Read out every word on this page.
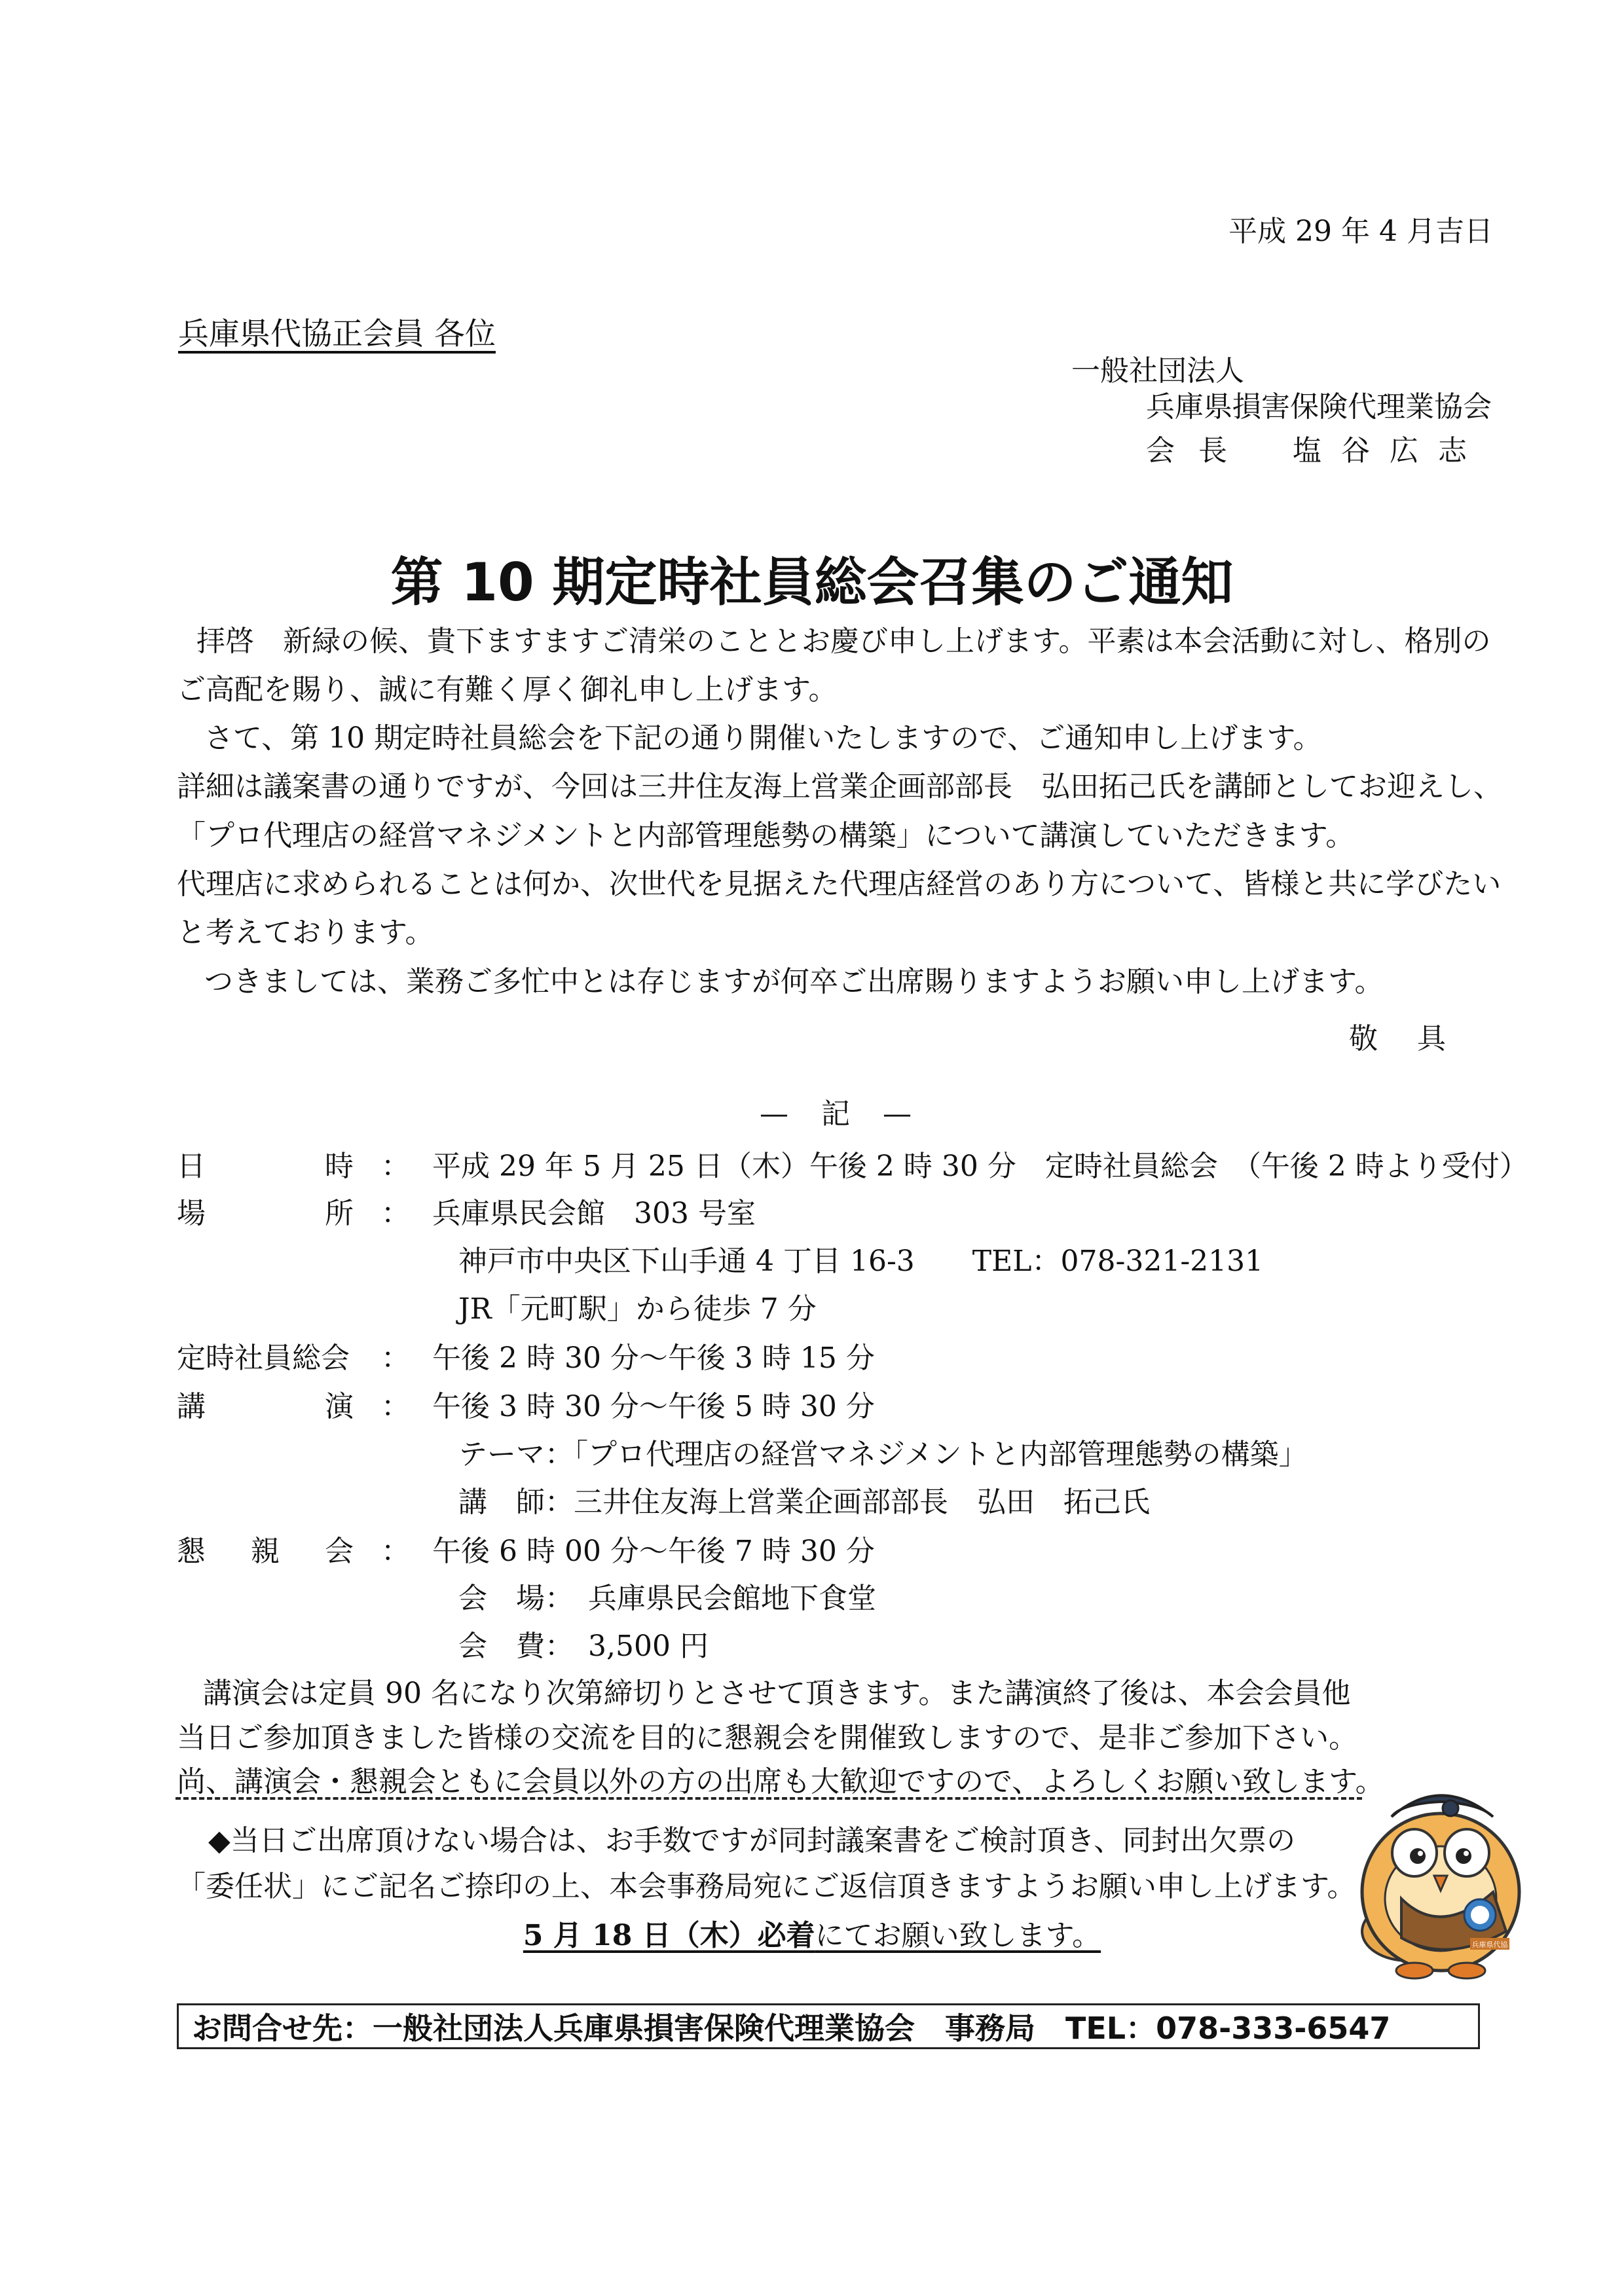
平成 29 年 4 月吉日
兵庫県代協正会員 各位
一般社団法人
兵庫県損害保険代理業協会
会長 塩谷広志
第 10 期定時社員総会召集のご通知
拝啓　新緑の候、貴下ますますご清栄のこととお慶び申し上げます。平素は本会活動に対し、格別の
ご高配を賜り、誠に有難く厚く御礼申し上げます。
さて、第 10 期定時社員総会を下記の通り開催いたしますので、ご通知申し上げます。
詳細は議案書の通りですが、今回は三井住友海上営業企画部部長　弘田拓己氏を講師としてお迎えし、
「プロ代理店の経営マネジメントと内部管理態勢の構築」について講演していただきます。
代理店に求められることは何か、次世代を見据えた代理店経営のあり方について、皆様と共に学びたい
と考えております。
つきましては、業務ご多忙中とは存じますが何卒ご出席賜りますようお願い申し上げます。
敬具
— 記 —
日	時 ： 平成 29 年 5 月 25 日（木）午後 2 時 30 分　定時社員総会　（午後 2 時より受付）
場	所 ： 兵庫県民会館　303 号室
神戸市中央区下山手通 4 丁目 16-3　　TEL：078-321-2131
JR「元町駅」から徒歩 7 分
定時社員総会 ： 午後 2 時 30 分～午後 3 時 15 分
講	演 ： 午後 3 時 30 分～午後 5 時 30 分
テーマ：「プロ代理店の経営マネジメントと内部管理態勢の構築」
講　師：三井住友海上営業企画部部長　弘田　拓己氏
懇 親 会 ： 午後 6 時 00 分～午後 7 時 30 分
会　場：　兵庫県民会館地下食堂
会　費：　3,500 円
講演会は定員 90 名になり次第締切りとさせて頂きます。また講演終了後は、本会会員他
当日ご参加頂きました皆様の交流を目的に懇親会を開催致しますので、是非ご参加下さい。
尚、講演会・懇親会ともに会員以外の方の出席も大歓迎ですので、よろしくお願い致します。
◆当日ご出席頂けない場合は、お手数ですが同封議案書をご検討頂き、同封出欠票の
「委任状」にご記名ご捺印の上、本会事務局宛にご返信頂きますようお願い申し上げます。
5 月 18 日（木）必着にてお願い致します。
お問合せ先：一般社団法人兵庫県損害保険代理業協会　事務局　TEL：078-333-6547
兵庫県代協
